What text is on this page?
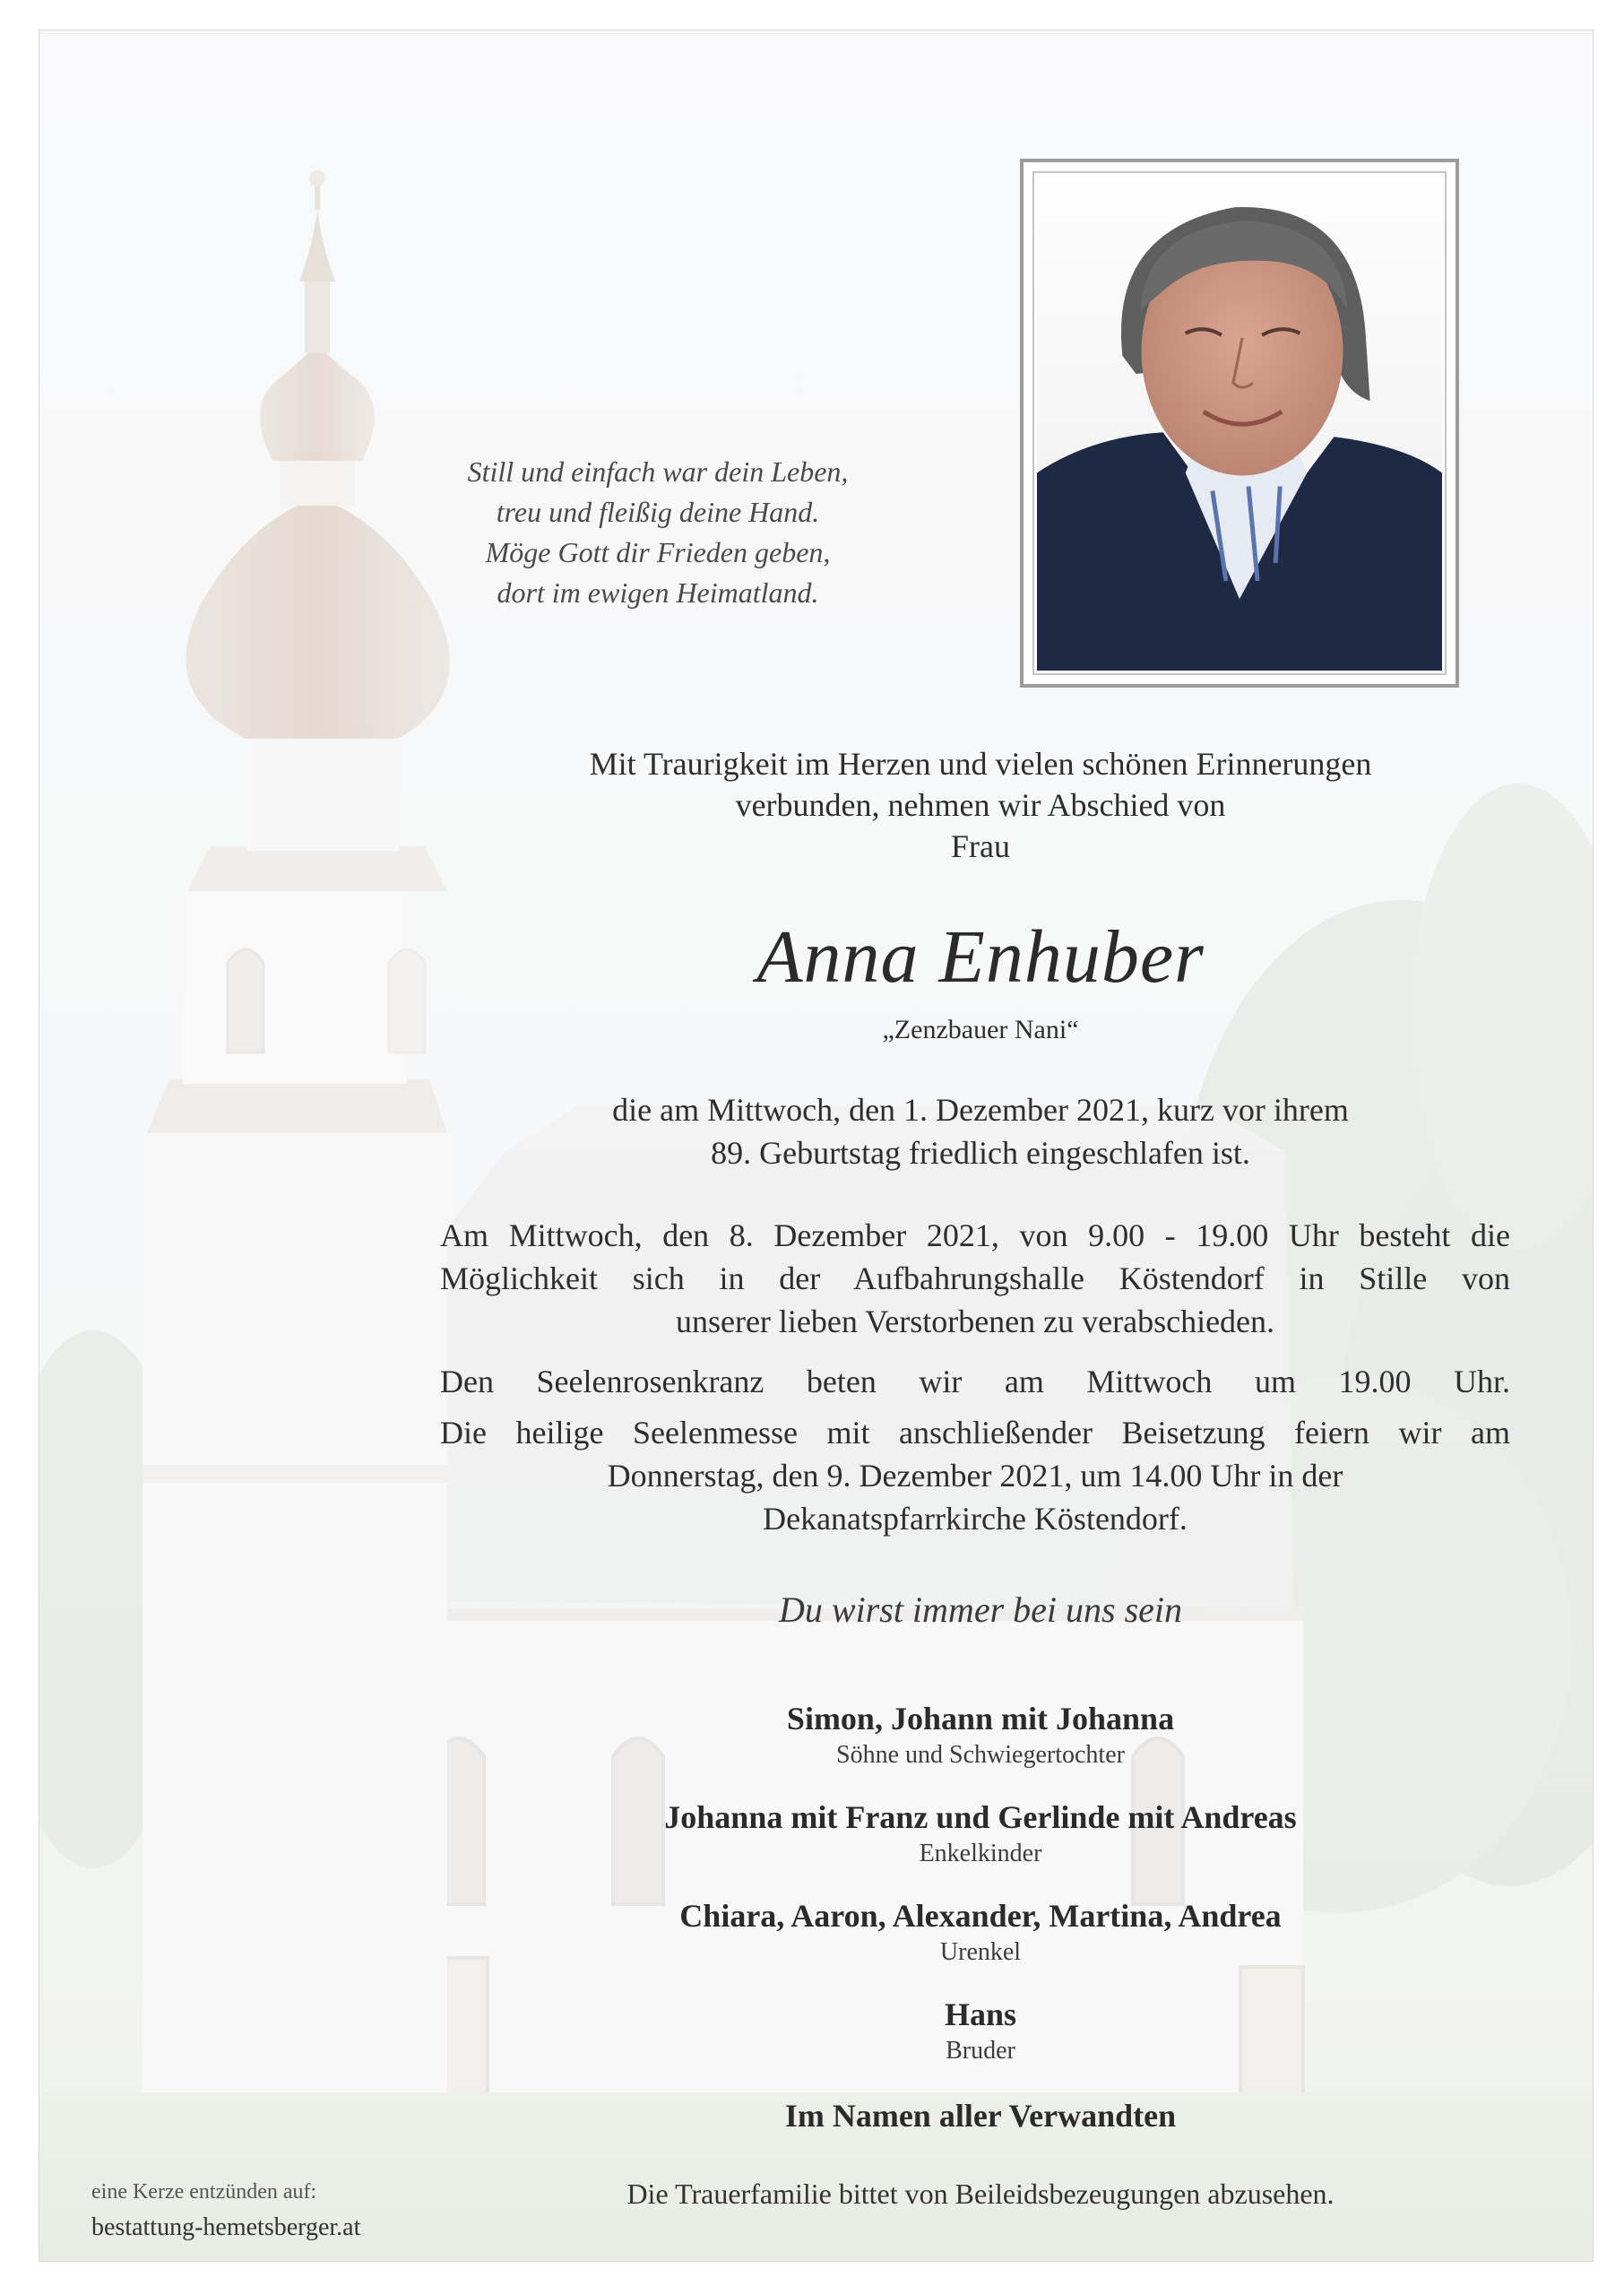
Still und einfach war dein Leben,
treu und fleißig deine Hand.
Möge Gott dir Frieden geben,
dort im ewigen Heimatland.
Mit Traurigkeit im Herzen und vielen schönen Erinnerungen
verbunden, nehmen wir Abschied von
Frau
Anna Enhuber
„Zenzbauer Nani“
die am Mittwoch, den 1. Dezember 2021, kurz vor ihrem
89. Geburtstag friedlich eingeschlafen ist.
Am Mittwoch, den 8. Dezember 2021, von 9.00 - 19.00 Uhr besteht die
Möglichkeit sich in der Aufbahrungshalle Köstendorf in Stille von
unserer lieben Verstorbenen zu verabschieden.
Den Seelenrosenkranz beten wir am Mittwoch um 19.00 Uhr.
Die heilige Seelenmesse mit anschließender Beisetzung feiern wir am
Donnerstag, den 9. Dezember 2021, um 14.00 Uhr in der
Dekanatspfarrkirche Köstendorf.
Du wirst immer bei uns sein
Simon, Johann mit Johanna
Söhne und Schwiegertochter
Johanna mit Franz und Gerlinde mit Andreas
Enkelkinder
Chiara, Aaron, Alexander, Martina, Andrea
Urenkel
Hans
Bruder
Im Namen aller Verwandten
Die Trauerfamilie bittet von Beileidsbezeugungen abzusehen.
eine Kerze entzünden auf:
bestattung-hemetsberger.at
